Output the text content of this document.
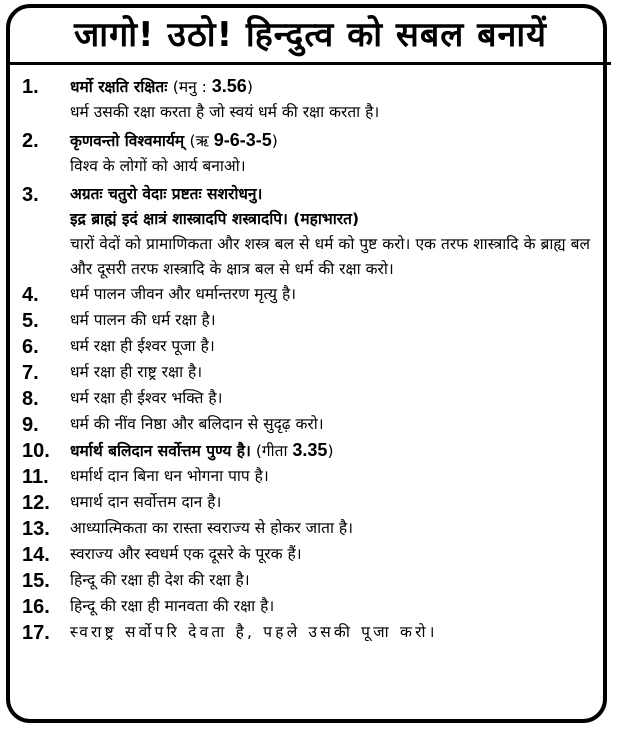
जागो! उठो! हिन्दुत्व को सबल बनायें
1.	धर्मो रक्षति रक्षितः (मनु : 3.56)
धर्म उसकी रक्षा करता है जो स्वयं धर्म की रक्षा करता है।
2.	कृणवन्तो विश्वमार्यम् (ऋ 9-6-3-5)
विश्व के लोगों को आर्य बनाओ।
3.	अग्रतः चतुरो वेदाः प्रष्टतः सशरोधनु।
इद्र ब्राह्मं इदं क्षात्रं शास्त्रादपि शस्त्रादपि। (महाभारत)
चारों वेदों को प्रामाणिकता और शस्त्र बल से धर्म को पुष्ट करो। एक तरफ शास्त्रादि के ब्राह्य बल और दूसरी तरफ शस्त्रादि के क्षात्र बल से धर्म की रक्षा करो।
4.	धर्म पालन जीवन और धर्मान्तरण मृत्यु है।
5.	धर्म पालन की धर्म रक्षा है।
6.	धर्म रक्षा ही ईश्वर पूजा है।
7.	धर्म रक्षा ही राष्ट्र रक्षा है।
8.	धर्म रक्षा ही ईश्वर भक्ति है।
9.	धर्म की नींव निष्ठा और बलिदान से सुदृढ़ करो।
10.	धर्मार्थ बलिदान सर्वोत्तम पुण्य है। (गीता 3.35)
11.	धर्मार्थ दान बिना धन भोगना पाप है।
12.	धमार्थ दान सर्वोत्तम दान है।
13.	आध्यात्मिकता का रास्ता स्वराज्य से होकर जाता है।
14.	स्वराज्य और स्वधर्म एक दूसरे के पूरक हैं।
15.	हिन्दू की रक्षा ही देश की रक्षा है।
16.	हिन्दू की रक्षा ही मानवता की रक्षा है।
17.	स्वराष्ट्र सर्वोपरि देवता है, पहले उसकी पूजा करो।
